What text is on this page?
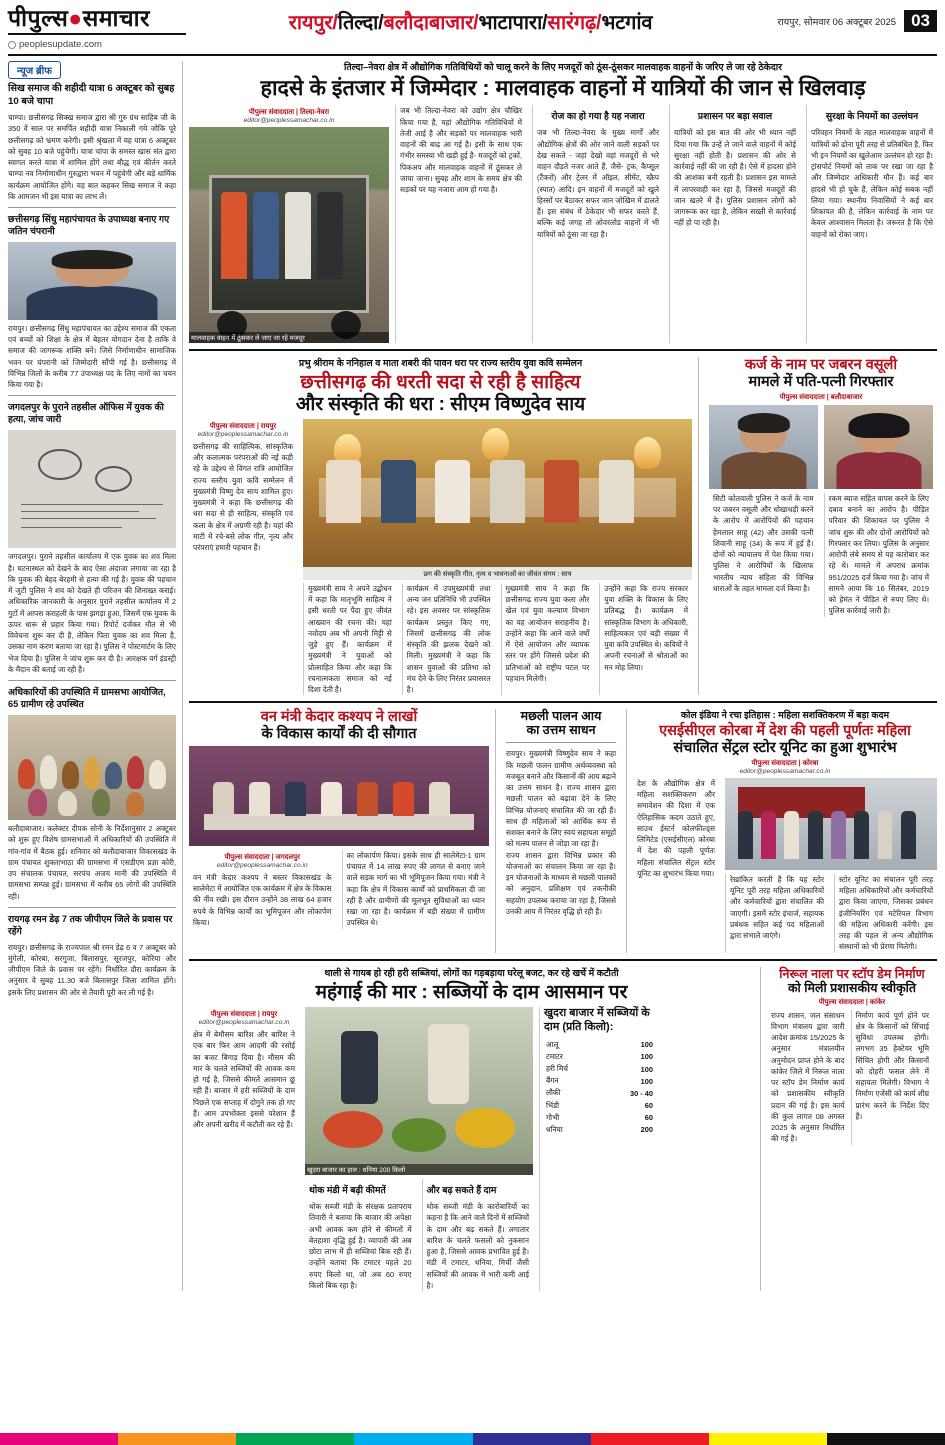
पीपुल्स●समाचार
peoplesupdate.com
रायपुर/तिल्दा/बलौदाबाजार/भाटापारा/सारंगढ़/भटगांव	रायपुर, सोमवार 06 अक्टूबर 2025 03
न्यूज ब्रीफ
सिख समाज की शहीदी यात्रा 6 अक्टूबर को सुबह 10 बजे चापा
चाम्पा। छत्तीसगढ़ सिक्ख समाज द्वारा श्री गुरु ग्रंथ साहिब जी के 350 वें साल पर समर्पित शहीदी यात्रा निकाली गये जोकि पूरे छत्तीसगढ़ को भ्रमण करेगी। इसी श्रृंखला में यह यात्रा 6 अक्टूबर को सुबह 10 बजे पहुंचेगी। यात्रा चांपा के समस्त खास संत द्वारा स्वागत करते यात्रा में शामिल होंगे तथा बौद्ध एवं कीर्तन करते चाम्पा नव निर्माणाधीन गुरुद्वारा भवन में पहुंचेगी और बड़े धार्मिक कार्यक्रम आयोजित होंगे। यह बात कहकर सिख समाज ने कहा कि आमजन भी इस यात्रा का लाभ लें।
छत्तीसगढ़ सिंधु महापंचायत के उपाध्यक्ष बनाए गए जतिन चंपरानी
रायपुर। छत्तीसगढ़ सिंधु महापंचायत का उद्देश्य समाज की एकता एवं बच्चों को शिक्षा के क्षेत्र में बेहतर योगदान देना है ताकि वे समाज की जागरूक शक्ति बनें। जिसे निर्माणाधीन सामाजिक भवन पर चंपरानी को जिम्मेदारी सौंपी गई है। छत्तीसगढ़ में विभिन्न जिलों के करीब 77 उपाध्यक्ष पद के लिए नामों का चयन किया गया है।
जगदलपुर के पुराने तहसील ऑफिस में युवक की हत्या, जांच जारी
जगदलपुर। पुराने तहसील कार्यालय में एक युवक का शव मिला है। घटनास्थल को देखने के बाद ऐसा अंदाजा लगाया जा रहा है कि युवक की बेहद बेरहमी से हत्या की गई है। युवक की पहचान में जुटी पुलिस ने शव को देखते ही परिजन की शिनाख्त कराई। अधिकारिक जानकारी के अनुसार पुराने तहसील कार्यालय में 2 गुटों में आपस कराहली के पास झगड़ा हुआ, जिसमें एक युवक के ऊपर धारू से प्रहार किया गया। रिपोर्ट दर्जकर मौत से भी विवेचना शुरू कर दी है, लेकिन पिता युवक का शव मिला है, उसका नाम करण बताया जा रहा है। पुलिस ने पोस्टमार्टम के लिए भेज दिया है। पुलिस ने जांच शुरू कर दी है। आरक्षक वर्ग इंडस्ट्री के मैदान की बताई जा रही है।
अधिकारियों की उपस्थिति में ग्रामसभा आयोजित, 65 ग्रामीण रहे उपस्थित
बलौदाबाजार। कलेक्टर दीपक सोनी के निर्देशानुसार 2 अक्टूबर को शुरू हुए विशेष ग्रामसभाओं में अधिकारियों की उपस्थिति में गांव-गांव में बैठक हुई। शनिवार को बलौदाबाजार विकासखंड के ग्राम पंचायत शुक्लाभाठा की ग्रामसभा में एसडीएम प्रज्ञा कोरी, उप संचालक पंचायत, सरपंच अजय मानी की उपस्थिति में ग्रामसभा सम्पन्न हुई। ग्रामसभा में करीब 65 लोगों की उपस्थिति रही।
रायगढ़ रमन डेढ़ 7 तक जीपीएम जिले के प्रवास पर रहेंगे
रायपुर। छत्तीसगढ़ के राज्यपाल श्री रमन डेढ़ 6 व 7 अक्टूबर को मुंगेली, कोरबा, सरगुजा, बिलासपुर, सूरजपुर, कोरिया और जीपीएम जिले के प्रवास पर रहेंगे। निर्धारित दौरा कार्यक्रम के अनुसार वे सुबह 11.30 बजे बिलासपुर जिला शामिल होंगे। इसके लिए प्रशासन की ओर से तैयारी पूरी कर ली गई है।
तिल्दा–नेवरा क्षेत्र में औद्योगिक गतिविधियों को चालू करने के लिए मजदूरों को ठूंस-ठूंसकर मालवाहक वाहनों के जरिए ले जा रहे ठेकेदार
हादसे के इंतजार में जिम्मेदार : मालवाहक वाहनों में यात्रियों की जान से खिलवाड़
पीपुल्स संवाददाता | तिल्दा-नेवरा
editor@peoplessamachar.co.in
मालवाहक वाहन में ठूंसकर ले जाए जा रहे मजदूर
जब भी तिल्दा-नेवरा को उद्योग क्षेत्र चौखिर किया गया है, यहां औद्योगिक गतिविधियों में तेजी आई है और सड़कों पर मालवाहक भारी वाहनों की बाढ़ आ गई है। इसी के साथ एक गंभीर समस्या भी खड़ी हुई है- मजदूरों को ट्रकों, पिकअप और मालवाहक वाहनों में ठूंसकर ले जाया जाना। सुबह और शाम के समय क्षेत्र की सड़कों पर यह नजारा आम हो गया है।
रोज का हो गया है यह नजारा
जब भी तिल्दा-नेवरा के मुख्य मार्गों और औद्योगिक क्षेत्रों की ओर जाने वाली सड़कों पर देख सकते - जहां देखो वहां मजदूरों से भरे वाहन दौड़ते नजर आते हैं, जैसे- ट्रक, कैप्सूल (टैंकरों) और ट्रेलर में ऑइल, सीमेंट, स्क्रैप (स्पात) आदि। इन वाहनों में मजदूरों को खुले हिस्सों पर बैठाकर सफर जान जोखिम में डालते हैं। इस संबंध में ठेकेदार भी सफर करते हैं, बल्कि कई जगह तो ओवरलोड वाहनों में भी यात्रियों को ठूंसा जा रहा है।
प्रशासन पर बड़ा सवाल
यात्रियों को इस बात की ओर भी ध्यान नहीं दिया गया कि उन्हें ले जाने वाले वाहनों में कोई सुरक्षा नहीं होती है। प्रशासन की ओर से कार्रवाई नहीं की जा रही है। ऐसे में हादसा होने की आशंका बनी रहती है। प्रशासन इस मामले में लापरवाही कर रहा है, जिससे मजदूरों की जान खतरे में है। पुलिस प्रशासन लोगों को जागरूक कर रहा है, लेकिन सख्ती से कार्रवाई नहीं हो पा रही है।
सुरक्षा के नियमों का उल्लंघन
परिवहन नियमों के तहत मालवाहक वाहनों में यात्रियों को ढोना पूरी तरह से प्रतिबंधित है, फिर भी इन नियमों का खुलेआम उल्लंघन हो रहा है। ट्रांसपोर्ट नियमों को ताक पर रखा जा रहा है और जिम्मेदार अधिकारी मौन हैं। कई बार हादसे भी हो चुके हैं, लेकिन कोई सबक नहीं लिया गया। स्थानीय निवासियों ने कई बार शिकायत की है, लेकिन कार्रवाई के नाम पर केवल आश्वासन मिलता है। जरूरत है कि ऐसे वाहनों को रोका जाए।
प्रभु श्रीराम के ननिहाल व माता शबरी की पावन धरा पर राज्य स्तरीय युवा कवि सम्मेलन
छत्तीसगढ़ की धरती सदा से रही है साहित्य
और संस्कृति की धरा : सीएम विष्णुदेव साय
पीपुल्स संवाददाता | रायपुर
editor@peoplessamachar.co.in
छत्तीसगढ़ की साहित्यिक, सांस्कृतिक और कलात्मक परंपराओं की नई कड़ी रहे के उद्देश्य से विगत रात्रि आयोजित राज्य स्तरीय युवा कवि सम्मेलन में मुख्यमंत्री विष्णु देव साय शामिल हुए। मुख्यमंत्री ने कहा कि छत्तीसगढ़ की धरा सदा से ही साहित्य, संस्कृति एवं कला के क्षेत्र में अग्रणी रही है। यहां की माटी में रचे-बसे लोक गीत, नृत्य और परंपराएं हमारी पहचान हैं।
छग की संस्कृति गीत, नृत्य व भावनाओं का जीवंत संगम : साय
मुख्यमंत्री साय ने अपने उद्बोधन में कहा कि मातृभूमि साहित्य ने इसी धरती पर पैदा हुए जीवंत आख्यान की रचना की। यहां नवोदय अब भी अपनी मिट्टी से जुड़े हुए हैं। कार्यक्रम में मुख्यमंत्री ने युवाओं को प्रोत्साहित किया और कहा कि रचनात्मकता समाज को नई दिशा देती है।
कार्यक्रम में उपमुख्यमंत्री तथा अन्य जन प्रतिनिधि भी उपस्थित रहे। इस अवसर पर सांस्कृतिक कार्यक्रम प्रस्तुत किए गए, जिसमें छत्तीसगढ़ की लोक संस्कृति की झलक देखने को मिली। मुख्यमंत्री ने कहा कि शासन युवाओं की प्रतिभा को मंच देने के लिए निरंतर प्रयासरत है।
मुख्यमंत्री साय ने कहा कि छत्तीसगढ़ राज्य युवा कला और खेल एवं युवा कल्याण विभाग का यह आयोजन सराहनीय है। उन्होंने कहा कि आने वाले वर्षों में ऐसे आयोजन और व्यापक स्तर पर होंगे जिससे प्रदेश की प्रतिभाओं को राष्ट्रीय पटल पर पहचान मिलेगी।
उन्होंने कहा कि राज्य सरकार युवा शक्ति के विकास के लिए प्रतिबद्ध है। कार्यक्रम में सांस्कृतिक विभाग के अधिकारी, साहित्यकार एवं बड़ी संख्या में युवा कवि उपस्थित थे। कवियों ने अपनी रचनाओं से श्रोताओं का मन मोह लिया।
कर्ज के नाम पर जबरन वसूली
मामले में पति-पत्नी गिरफ्तार
पीपुल्स संवाददाता | बलौदाबाजार
सिटी कोतवाली पुलिस ने कर्ज के नाम पर जबरन वसूली और धोखाधड़ी करने के आरोप में आरोपियों की पहचान हेमलाल साहू (42) और उसकी पत्नी शिवानी साहू (34) के रूप में हुई है। दोनों को न्यायालय में पेश किया गया। पुलिस ने आरोपियों के खिलाफ भारतीय न्याय संहिता की विभिन्न धाराओं के तहत मामला दर्ज किया है।
रकम ब्याज सहित वापस करने के लिए दबाव बनाने का आरोप है। पीड़ित परिवार की शिकायत पर पुलिस ने जांच शुरू की और दोनों आरोपियों को गिरफ्तार कर लिया। पुलिस के अनुसार आरोपी लंबे समय से यह कारोबार कर रहे थे। मामले में अपराध क्रमांक 951/2025 दर्ज किया गया है। जांच में सामने आया कि 16 सितंबर, 2019 को हेमंत ने पीड़ित से रुपए लिए थे। पुलिस कार्रवाई जारी है।
वन मंत्री केदार कश्यप ने लाखों
के विकास कार्यों की दी सौगात
पीपुल्स संवाददाता | जगदलपुर
editor@peoplessamachar.co.in
वन मंत्री केदार कश्यप ने बस्तर विकासखंड के सालेमेटा में आयोजित एक कार्यक्रम में क्षेत्र के विकास की नींव रखी। इस दौरान उन्होंने 38 लाख 64 हजार रुपये के विभिन्न कार्यों का भूमिपूजन और लोकार्पण किया।
का लोकार्पण किया। इसके साथ ही सालेमेटा-1 ग्राम पंचायत में 14 लाख रुपए की लागत से बनाए जाने वाले सड़क मार्ग का भी भूमिपूजन किया गया। मंत्री ने कहा कि क्षेत्र में विकास कार्यों को प्राथमिकता दी जा रही है और ग्रामीणों की मूलभूत सुविधाओं का ध्यान रखा जा रहा है। कार्यक्रम में बड़ी संख्या में ग्रामीण उपस्थित थे।
मछली पालन आय
का उत्तम साधन
रायपुर। मुख्यमंत्री विष्णुदेव साय ने कहा कि मछली पालन ग्रामीण अर्थव्यवस्था को मजबूत बनाने और किसानों की आय बढ़ाने का उत्तम साधन है। राज्य शासन द्वारा मछली पालन को बढ़ावा देने के लिए विभिन्न योजनाएं संचालित की जा रही हैं। साथ ही महिलाओं को आर्थिक रूप से सशक्त बनाने के लिए स्वयं सहायता समूहों को मत्स्य पालन से जोड़ा जा रहा है।
राज्य शासन द्वारा विभिन्न प्रकार की योजनाओं का संचालन किया जा रहा है। इन योजनाओं के माध्यम से मछली पालकों को अनुदान, प्रशिक्षण एवं तकनीकी सहयोग उपलब्ध कराया जा रहा है, जिससे उनकी आय में निरंतर वृद्धि हो रही है।
कोल इंडिया ने रचा इतिहास : महिला सशक्तिकरण में बड़ा कदम
एसईसीएल कोरबा में देश की पहली पूर्णतः महिला
संचालित सेंट्रल स्टोर यूनिट का हुआ शुभारंभ
पीपुल्स संवाददाता | कोरबा
editor@peoplessamachar.co.in
देश के औद्योगिक क्षेत्र में महिला सशक्तिकरण और समावेशन की दिशा में एक ऐतिहासिक कदम उठाते हुए, साउथ ईस्टर्न कोलफील्ड्स लिमिटेड (एसईसीएल) कोरबा में देश की पहली पूर्णतः महिला संचालित सेंट्रल स्टोर यूनिट का शुभारंभ किया गया।
रेखांकित करती है कि यह स्टोर यूनिट पूरी तरह महिला अधिकारियों और कर्मचारियों द्वारा संचालित की जाएगी। इसमें स्टोर इंचार्ज, सहायक प्रबंधक सहित कई पद महिलाओं द्वारा संभाले जाएंगे।
स्टोर यूनिट का संचालन पूरी तरह महिला अधिकारियों और कर्मचारियों द्वारा किया जाएगा, जिसका प्रबंधन इंजीनियरिंग एवं मटेरियल विभाग की महिला अधिकारी करेंगी। इस तरह की पहल से अन्य औद्योगिक संस्थानों को भी प्रेरणा मिलेगी।
थाली से गायब हो रही हरी सब्जियां, लोगों का गड़बड़ाया घरेलू बजट, कर रहे खर्चे में कटौती
महंगाई की मार : सब्जियों के दाम आसमान पर
पीपुल्स संवाददाता | रायपुर
editor@peoplessamachar.co.in
क्षेत्र में बेमौसम बारिश और बारिश ने एक बार फिर आम आदमी की रसोई का बजट बिगाड़ दिया है। मौसम की मार के चलते सब्जियों की आवक कम हो गई है, जिससे कीमतें आसमान छू रही हैं। बाजार में हरी सब्जियों के दाम पिछले एक सप्ताह में दोगुने तक हो गए हैं। आम उपभोक्ता इससे परेशान हैं और अपनी खरीद में कटौती कर रहे हैं।
खुदरा बाजार का हाल : धनिया 200 किलो
थोक मंडी में बढ़ी कीमतें
थोक सब्जी मंडी के संरक्षक प्रतापराय तिवारी ने बताया कि बाजार की अपेक्षा अभी आवक कम होने से कीमतों में बेतहाशा वृद्धि हुई है। व्यापारी की अब छोटा लाभ में ही सब्जियां बिक रही हैं। उन्होंने बताया कि टमाटर पहले 20 रुपए किलो था, जो अब 60 रुपए किलो बिक रहा है।
और बढ़ सकते हैं दाम
थोक सब्जी मंडी के कारोबारियों का कहना है कि आने वाले दिनों में सब्जियों के दाम और बढ़ सकते हैं। लगातार बारिश के चलते फसलों को नुकसान हुआ है, जिससे आवक प्रभावित हुई है। मंडी में टमाटर, धनिया, मिर्ची जैसी सब्जियों की आवक में भारी कमी आई है।
खुदरा बाजार में सब्जियों के दाम (प्रति किलो):
आलू	100
टमाटर	100
हरी मिर्च	100
बैंगन	100
लौकी	30 - 40
भिंडी	60
गोभी	60
धनिया	200
निरूल नाला पर स्टॉप डेम निर्माण
को मिली प्रशासकीय स्वीकृति
पीपुल्स संवाददाता | कांकेर
राज्य शासन, जल संसाधन विभाग मंत्रालय द्वारा जारी आदेश क्रमांक 15/2025 के अनुसार मंत्रालयीन अनुमोदन प्राप्त होने के बाद कांकेर जिले में निरूल नाला पर स्टॉप डेम निर्माण कार्य को प्रशासकीय स्वीकृति प्रदान की गई है। इस कार्य की कुल लागत 08 अगस्त 2025 के अनुसार निर्धारित की गई है।
निर्माण कार्य पूर्ण होने पर क्षेत्र के किसानों को सिंचाई सुविधा उपलब्ध होगी। लगभग 35 हेक्टेयर भूमि सिंचित होगी और किसानों को दोहरी फसल लेने में सहायता मिलेगी। विभाग ने निर्माण एजेंसी को कार्य शीघ्र प्रारंभ करने के निर्देश दिए हैं।
